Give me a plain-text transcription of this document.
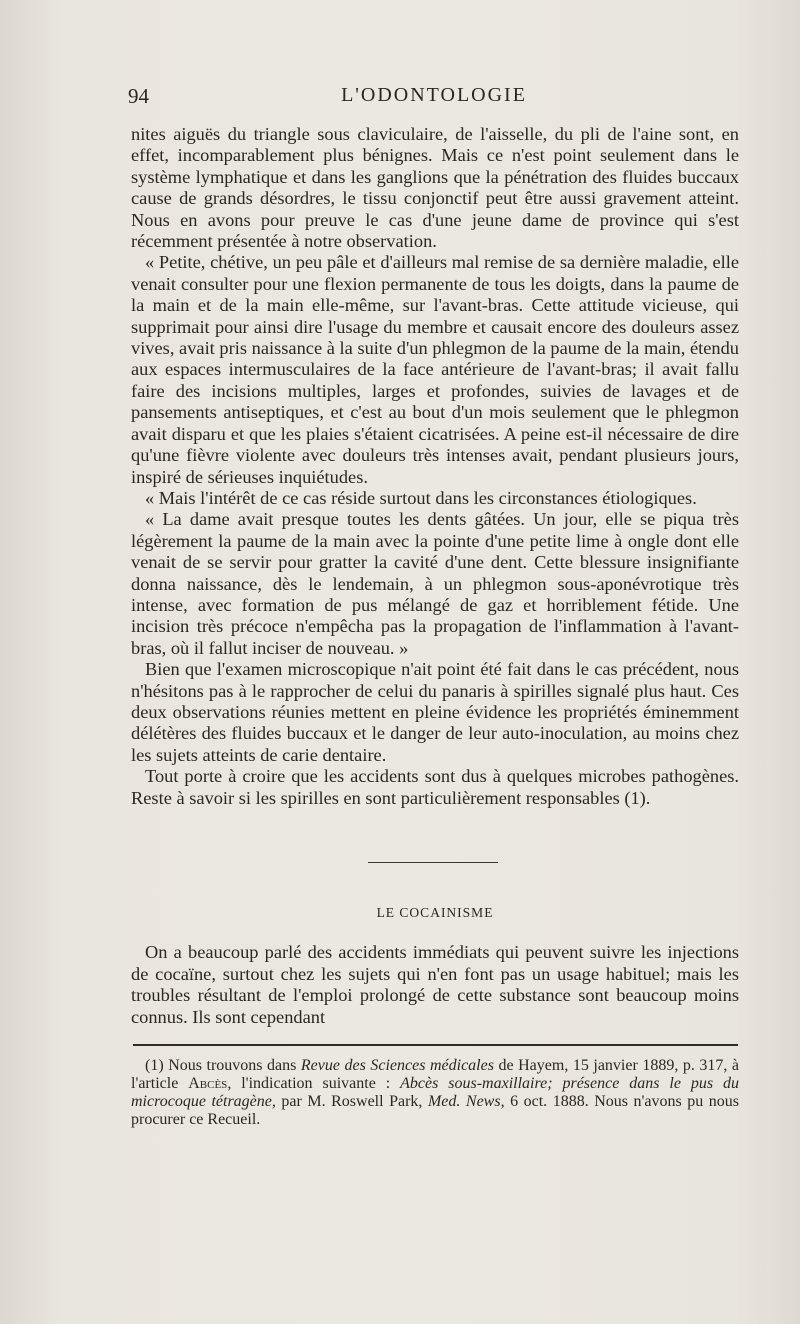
94	L'ODONTOLOGIE

nites aiguës du triangle sous claviculaire, de l'aisselle, du pli de l'aine sont, en effet, incomparablement plus bénignes. Mais ce n'est point seulement dans le système lymphatique et dans les ganglions que la pénétration des fluides buccaux cause de grands désordres, le tissu conjonctif peut être aussi gravement atteint. Nous en avons pour preuve le cas d'une jeune dame de province qui s'est récemment présentée à notre observation.

« Petite, chétive, un peu pâle et d'ailleurs mal remise de sa dernière maladie, elle venait consulter pour une flexion permanente de tous les doigts, dans la paume de la main et de la main elle-même, sur l'avant-bras. Cette attitude vicieuse, qui supprimait pour ainsi dire l'usage du membre et causait encore des douleurs assez vives, avait pris naissance à la suite d'un phlegmon de la paume de la main, étendu aux espaces intermusculaires de la face antérieure de l'avant-bras; il avait fallu faire des incisions multiples, larges et profondes, suivies de lavages et de pansements antiseptiques, et c'est au bout d'un mois seulement que le phlegmon avait disparu et que les plaies s'étaient cicatrisées. A peine est-il nécessaire de dire qu'une fièvre violente avec douleurs très intenses avait, pendant plusieurs jours, inspiré de sérieuses inquiétudes.

« Mais l'intérêt de ce cas réside surtout dans les circonstances étiologiques.

« La dame avait presque toutes les dents gâtées. Un jour, elle se piqua très légèrement la paume de la main avec la pointe d'une petite lime à ongle dont elle venait de se servir pour gratter la cavité d'une dent. Cette blessure insignifiante donna naissance, dès le lendemain, à un phlegmon sous-aponévrotique très intense, avec formation de pus mélangé de gaz et horriblement fétide. Une incision très précoce n'empêcha pas la propagation de l'inflammation à l'avant-bras, où il fallut inciser de nouveau. »

Bien que l'examen microscopique n'ait point été fait dans le cas précédent, nous n'hésitons pas à le rapprocher de celui du panaris à spirilles signalé plus haut. Ces deux observations réunies mettent en pleine évidence les propriétés éminemment délétères des fluides buccaux et le danger de leur auto-inoculation, au moins chez les sujets atteints de carie dentaire.

Tout porte à croire que les accidents sont dus à quelques microbes pathogènes. Reste à savoir si les spirilles en sont particulièrement responsables (1).

LE COCAINISME

On a beaucoup parlé des accidents immédiats qui peuvent suivre les injections de cocaïne, surtout chez les sujets qui n'en font pas un usage habituel; mais les troubles résultant de l'emploi prolongé de cette substance sont beaucoup moins connus. Ils sont cependant

(1) Nous trouvons dans Revue des Sciences médicales de Hayem, 15 janvier 1889, p. 317, à l'article Abcès, l'indication suivante : Abcès sous-maxillaire; présence dans le pus du microcoque tétragène, par M. Roswell Park, Med. News, 6 oct. 1888. Nous n'avons pu nous procurer ce Recueil.
